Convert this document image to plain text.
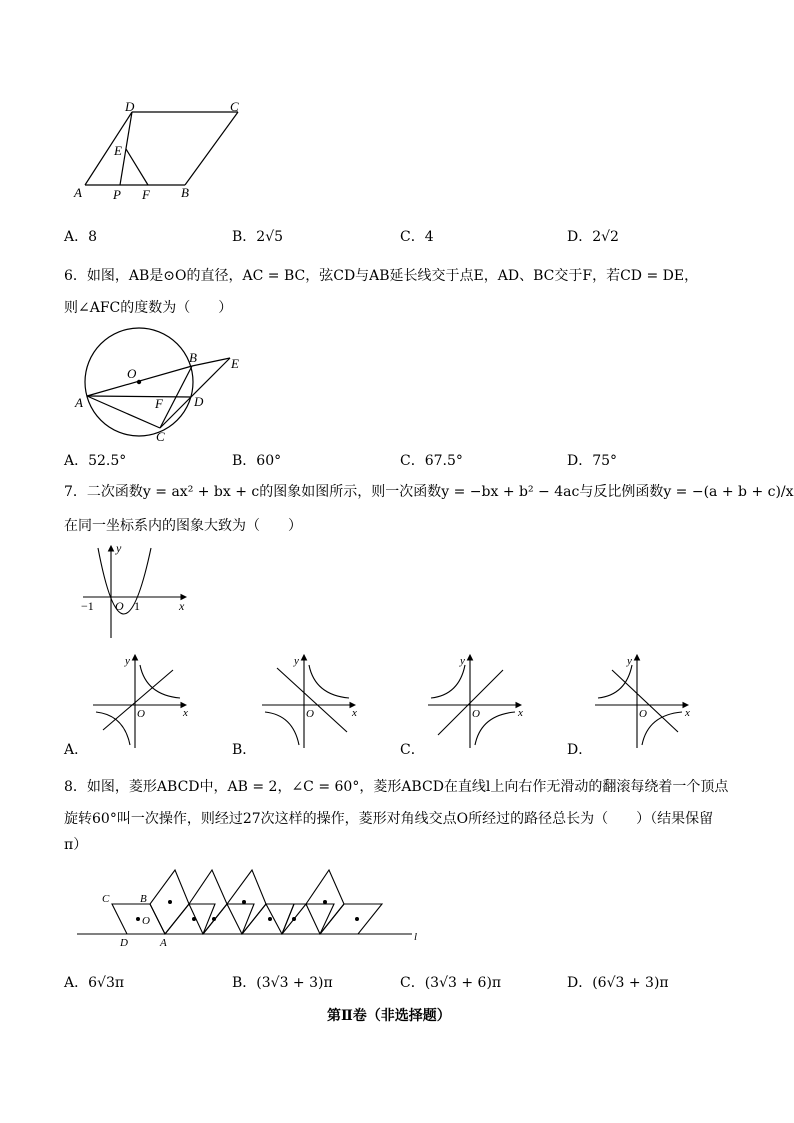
D	C
E
A P F B
A．8	B．2√5	C．4	D．2√2
6．如图，AB是⊙O的直径，AC = BC，弦CD与AB延长线交于点E，AD、BC交于F，若CD = DE，
则∠AFC的度数为（　　）
O
A
B	E
F D
C
A．52.5°	B．60°	C．67.5°	D．75°
7．二次函数y = ax² + bx + c的图象如图所示，则一次函数y = −bx + b² − 4ac与反比例函数y = −(a + b + c)/x
在同一坐标系内的图象大致为（　　）
y
x
−1 O 1
y
x
O
A．
y
x
O
B．
y
x
O
C．
y
x
O
D．
8．如图，菱形ABCD中，AB = 2，∠C = 60°，菱形ABCD在直线l上向右作无滑动的翻滚每绕着一个顶点
旋转60°叫一次操作，则经过27次这样的操作，菱形对角线交点O所经过的路径总长为（　　）（结果保留
π）
C	B
O
D	A	l
A．6√3π	B．(3√3 + 3)π	C．(3√3 + 6)π	D．(6√3 + 3)π
第Ⅱ卷（非选择题）
